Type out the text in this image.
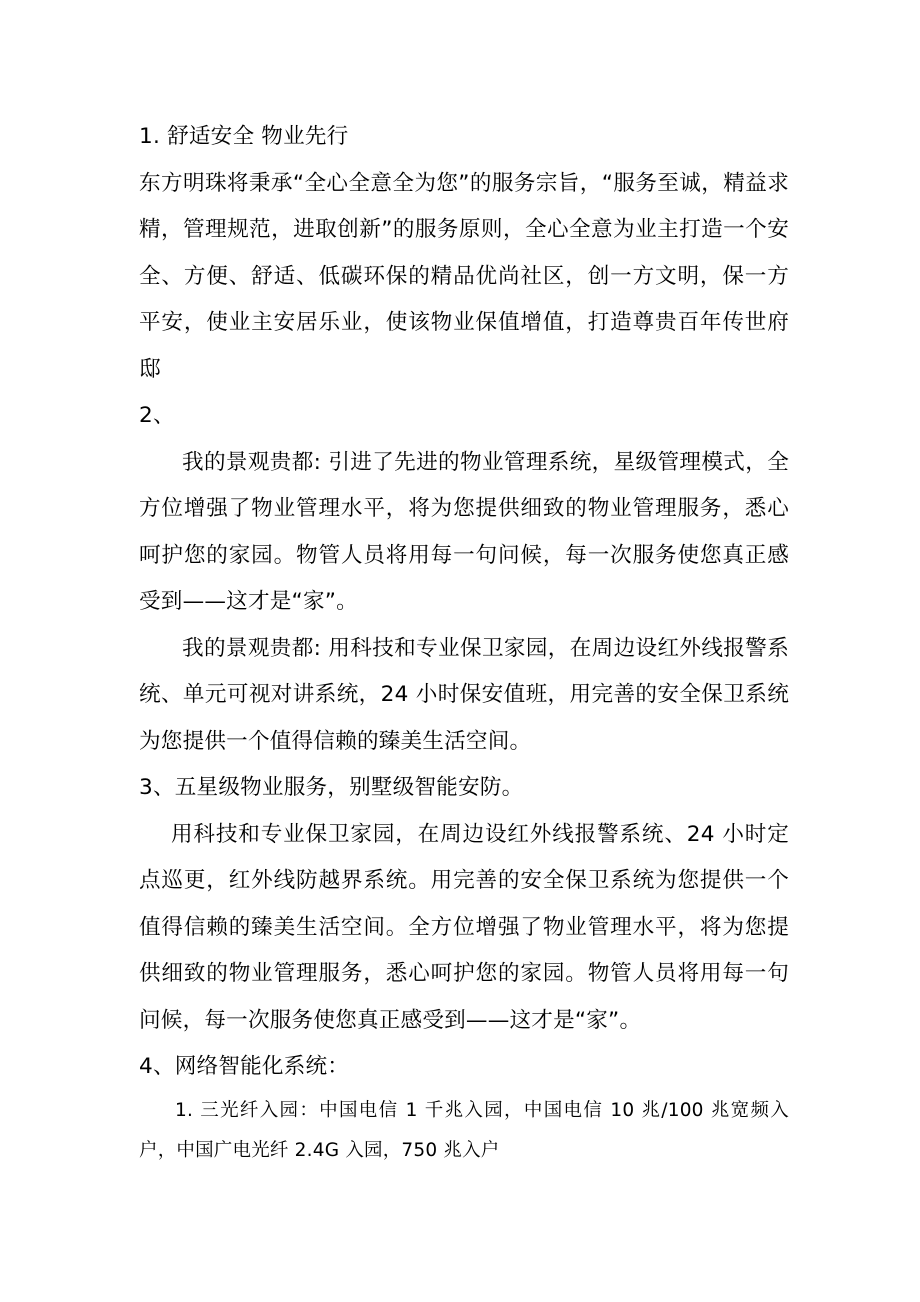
1. 舒适安全 物业先行

东方明珠将秉承“全心全意全为您”的服务宗旨，“服务至诚，精益求精，管理规范，进取创新”的服务原则，全心全意为业主打造一个安全、方便、舒适、低碳环保的精品优尚社区，创一方文明，保一方平安，使业主安居乐业，使该物业保值增值，打造尊贵百年传世府邸

2、

我的景观贵都: 引进了先进的物业管理系统，星级管理模式，全方位增强了物业管理水平，将为您提供细致的物业管理服务，悉心呵护您的家园。物管人员将用每一句问候，每一次服务使您真正感受到——这才是“家”。

我的景观贵都: 用科技和专业保卫家园，在周边设红外线报警系统、单元可视对讲系统，24 小时保安值班，用完善的安全保卫系统为您提供一个值得信赖的臻美生活空间。

3、五星级物业服务，别墅级智能安防。

用科技和专业保卫家园，在周边设红外线报警系统、24 小时定点巡更，红外线防越界系统。用完善的安全保卫系统为您提供一个值得信赖的臻美生活空间。全方位增强了物业管理水平，将为您提供细致的物业管理服务，悉心呵护您的家园。物管人员将用每一句问候，每一次服务使您真正感受到——这才是“家”。

4、网络智能化系统：

1. 三光纤入园：中国电信 1 千兆入园，中国电信 10 兆/100 兆宽频入户，中国广电光纤 2.4G 入园，750 兆入户
